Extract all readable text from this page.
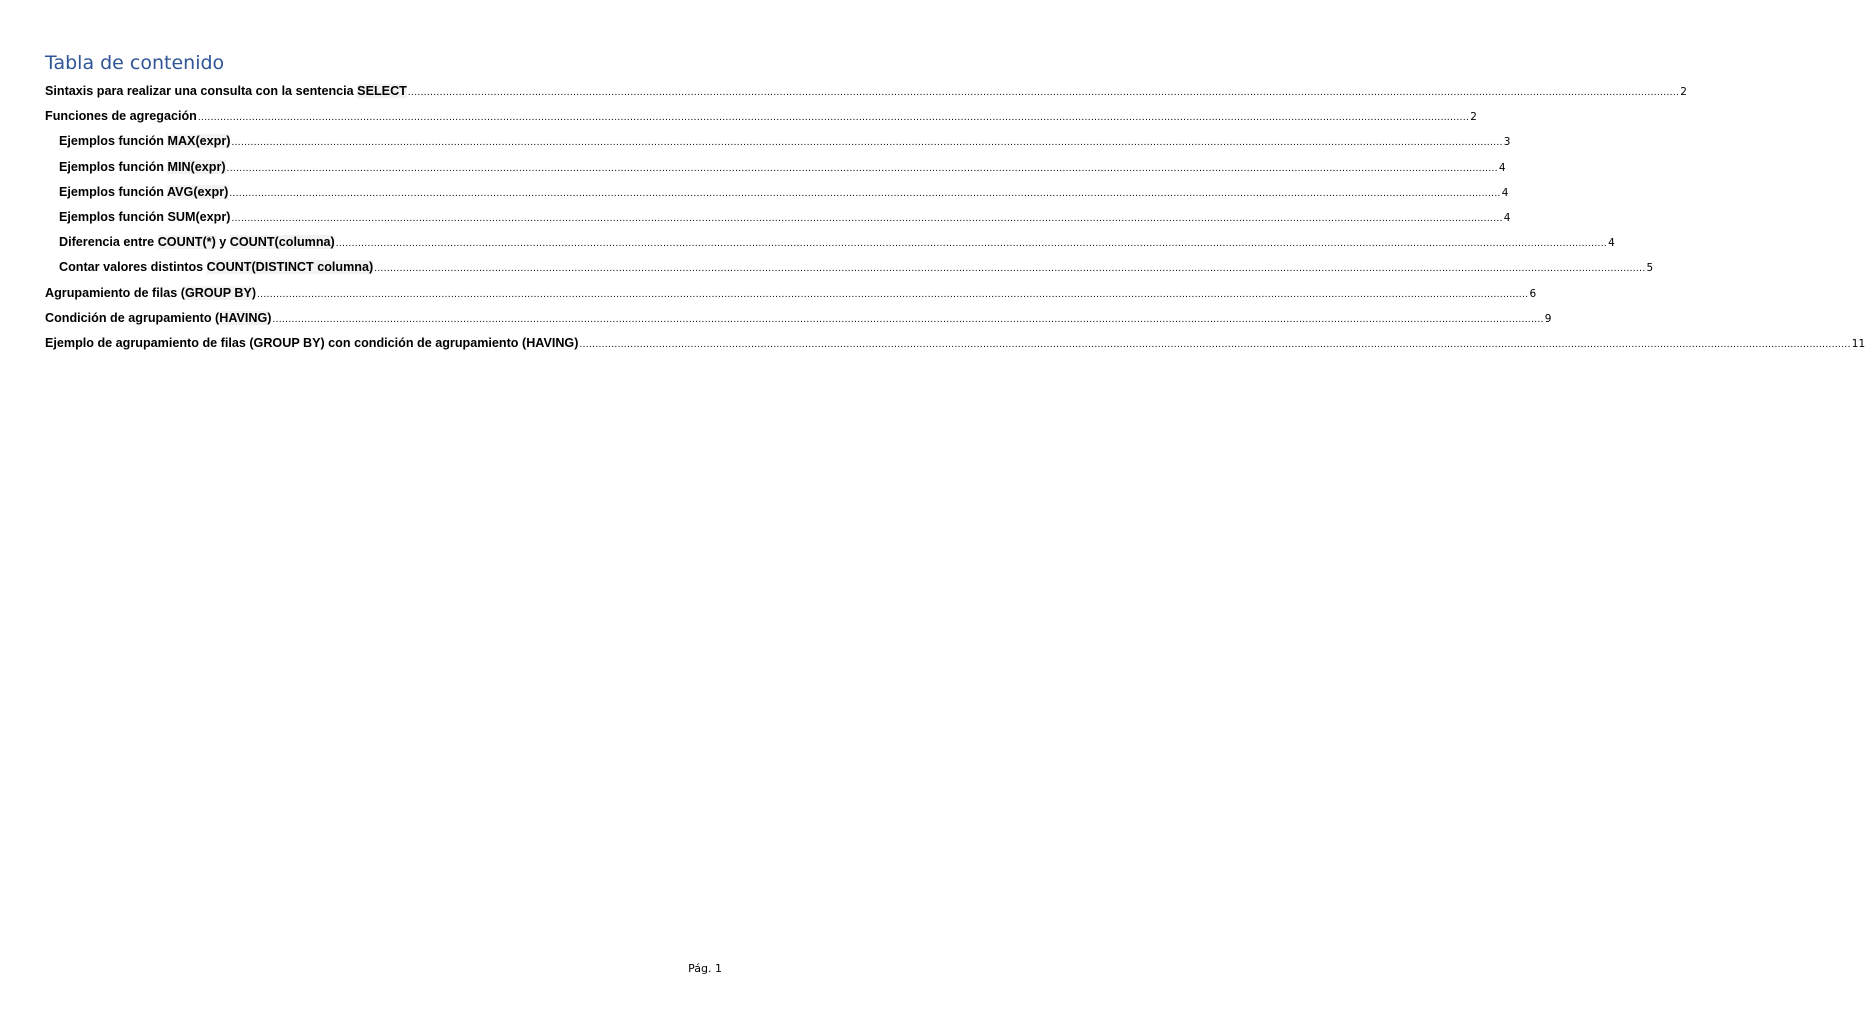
Tabla de contenido
Sintaxis para realizar una consulta con la sentencia SELECT ................................................................................................................................................................................................................................................................................................................................................................................................................ 2
Funciones de agregación ................................................................................................................................................................................................................................................................................................................................................................................................................ 2
Ejemplos función MAX(expr) ................................................................................................................................................................................................................................................................................................................................................................................................................ 3
Ejemplos función MIN(expr) ................................................................................................................................................................................................................................................................................................................................................................................................................ 4
Ejemplos función AVG(expr) ................................................................................................................................................................................................................................................................................................................................................................................................................ 4
Ejemplos función SUM(expr) ................................................................................................................................................................................................................................................................................................................................................................................................................ 4
Diferencia entre COUNT(*) y COUNT(columna) ................................................................................................................................................................................................................................................................................................................................................................................................................ 4
Contar valores distintos COUNT(DISTINCT columna) ................................................................................................................................................................................................................................................................................................................................................................................................................ 5
Agrupamiento de filas (GROUP BY) ................................................................................................................................................................................................................................................................................................................................................................................................................ 6
Condición de agrupamiento (HAVING) ................................................................................................................................................................................................................................................................................................................................................................................................................ 9
Ejemplo de agrupamiento de filas (GROUP BY) con condición de agrupamiento (HAVING) ................................................................................................................................................................................................................................................................................................................................................................................................................ 11
Pág. 1
